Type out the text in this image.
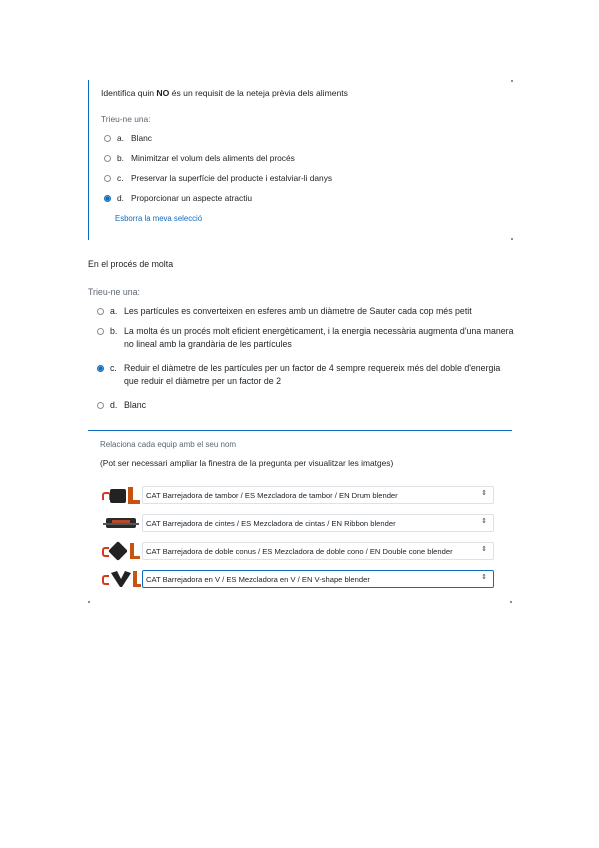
Identifica quin NO és un requisit de la neteja prèvia dels aliments
Trieu-ne una:
a. Blanc
b. Minimitzar el volum dels aliments del procés
c. Preservar la superfície del producte i estalviar-li danys
d. Proporcionar un aspecte atractiu
Esborra la meva selecció
En el procés de molta
Trieu-ne una:
a. Les partícules es converteixen en esferes amb un diàmetre de Sauter cada cop més petit
b. La molta és un procés molt eficient energèticament, i la energia necessària augmenta d'una manera no lineal amb la grandària de les partícules
c. Reduir el diàmetre de les partícules per un factor de 4 sempre requereix més del doble d'energia que reduir el diàmetre per un factor de 2
d. Blanc
Relaciona cada equip amb el seu nom
(Pot ser necessari ampliar la finestra de la pregunta per visualitzar les imatges)
CAT Barrejadora de tambor / ES Mezcladora de tambor / EN Drum blender	⇕
CAT Barrejadora de cintes / ES Mezcladora de cintas / EN Ribbon blender	⇕
CAT Barrejadora de doble conus / ES Mezcladora de doble cono / EN Double cone blender	⇕
CAT Barrejadora en V / ES Mezcladora en V / EN V-shape blender	⇕
